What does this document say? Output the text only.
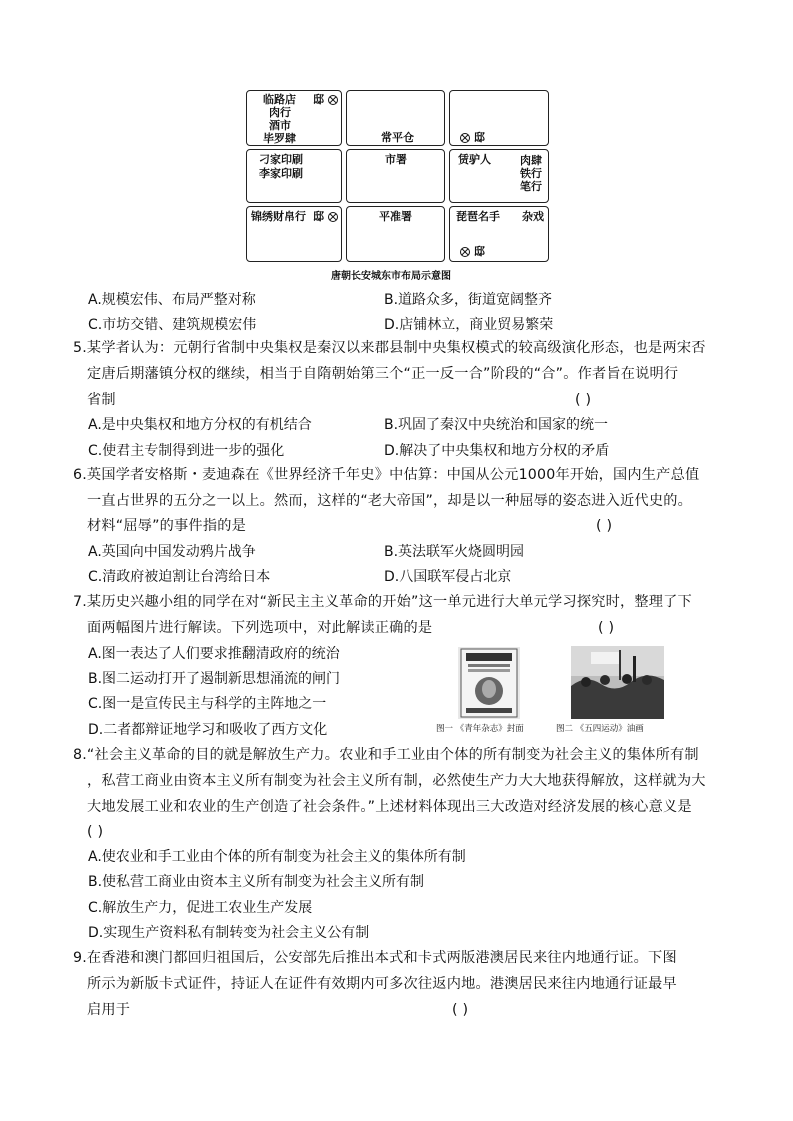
临路店
肉行
酒市
毕罗肆
邸
常平仓	邸
刁家印刷
李家印刷
市署	赁驴人	肉肆
铁行
笔行
锦绣财帛行 邸	平准署	琵琶名手 杂戏
邸
唐朝长安城东市布局示意图
A.规模宏伟、布局严整对称	B.道路众多，街道宽阔整齐
C.市坊交错、建筑规模宏伟	D.店铺林立，商业贸易繁荣
5.某学者认为：元朝行省制中央集权是秦汉以来郡县制中央集权模式的较高级演化形态，也是两宋否
定唐后期藩镇分权的继续，相当于自隋朝始第三个“正一反一合”阶段的“合”。作者旨在说明行
省制	( )
A.是中央集权和地方分权的有机结合	B.巩固了秦汉中央统治和国家的统一
C.使君主专制得到进一步的强化	D.解决了中央集权和地方分权的矛盾
6.英国学者安格斯・麦迪森在《世界经济千年史》中估算：中国从公元1000年开始，国内生产总值
一直占世界的五分之一以上。然而，这样的“老大帝国”，却是以一种屈辱的姿态进入近代史的。
材料“屈辱”的事件指的是	( )
A.英国向中国发动鸦片战争	B.英法联军火烧圆明园
C.清政府被迫割让台湾给日本	D.八国联军侵占北京
7.某历史兴趣小组的同学在对“新民主主义革命的开始”这一单元进行大单元学习探究时，整理了下
面两幅图片进行解读。下列选项中，对此解读正确的是	( )
A.图一表达了人们要求推翻清政府的统治
B.图二运动打开了遏制新思想涌流的闸门
C.图一是宣传民主与科学的主阵地之一
D.二者都辩证地学习和吸收了西方文化	图一 《青年杂志》封面	图二 《五四运动》油画
8.“社会主义革命的目的就是解放生产力。农业和手工业由个体的所有制变为社会主义的集体所有制
，私营工商业由资本主义所有制变为社会主义所有制，必然使生产力大大地获得解放，这样就为大
大地发展工业和农业的生产创造了社会条件。”上述材料体现出三大改造对经济发展的核心意义是
( )
A.使农业和手工业由个体的所有制变为社会主义的集体所有制
B.使私营工商业由资本主义所有制变为社会主义所有制
C.解放生产力，促进工农业生产发展
D.实现生产资料私有制转变为社会主义公有制
9.在香港和澳门都回归祖国后，公安部先后推出本式和卡式两版港澳居民来往内地通行证。下图
所示为新版卡式证件，持证人在证件有效期内可多次往返内地。港澳居民来往内地通行证最早
启用于	( )
